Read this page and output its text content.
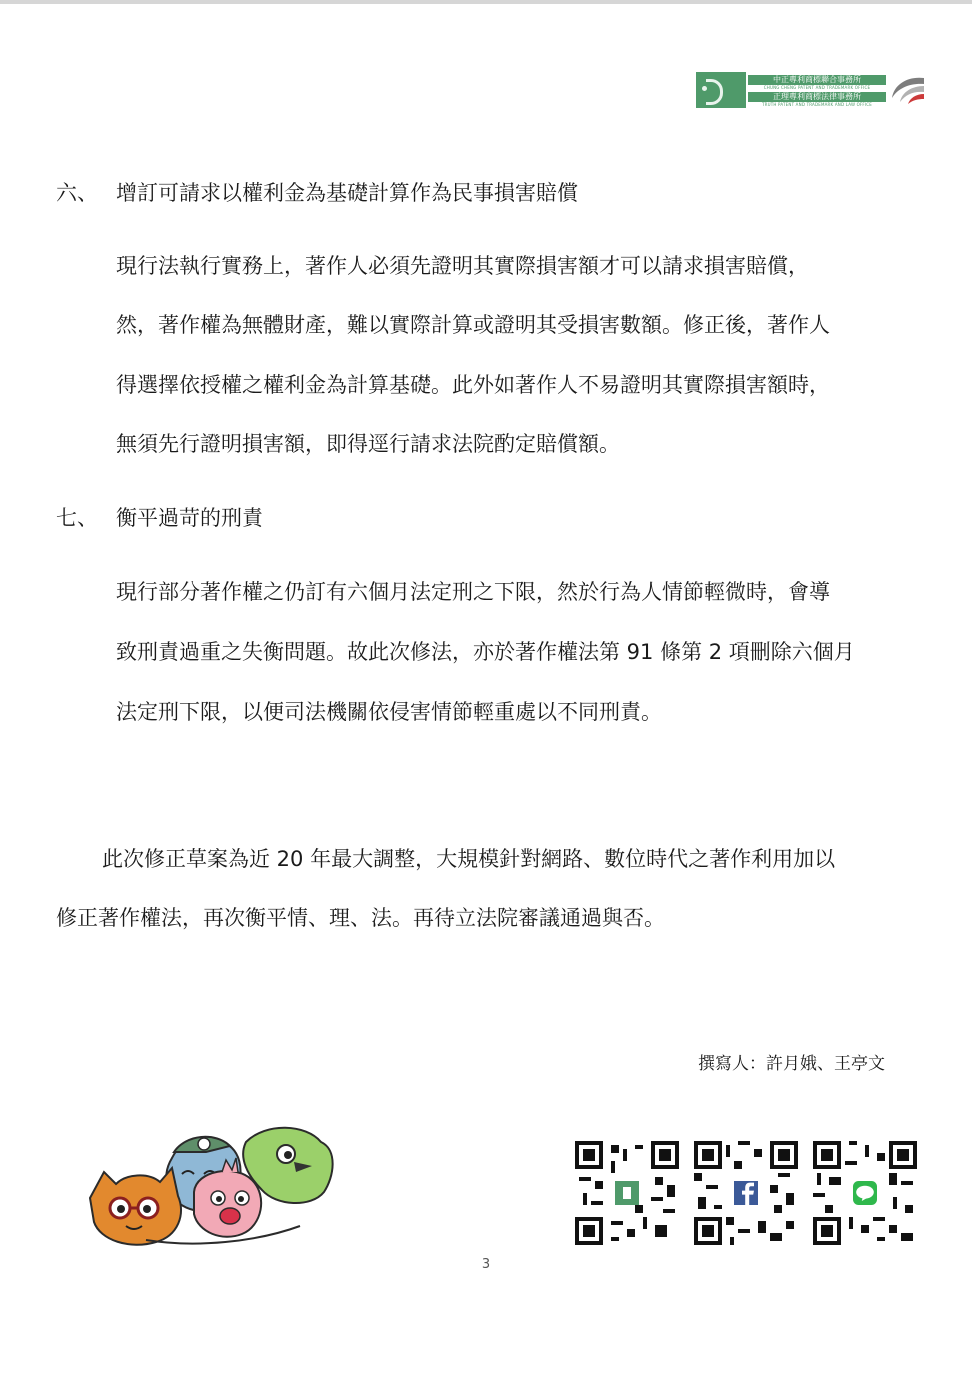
中正專利商標聯合事務所
CHUNG CHENG PATENT AND TRADEMARK OFFICE
正理專利商標法律事務所
TRUTH PATENT AND TRADEMARK AND LAW OFFICE
六、 增訂可請求以權利金為基礎計算作為民事損害賠償
現行法執行實務上，著作人必須先證明其實際損害額才可以請求損害賠償，
然，著作權為無體財產，難以實際計算或證明其受損害數額。修正後，著作人
得選擇依授權之權利金為計算基礎。此外如著作人不易證明其實際損害額時，
無須先行證明損害額，即得逕行請求法院酌定賠償額。
七、 衡平過苛的刑責
現行部分著作權之仍訂有六個月法定刑之下限，然於行為人情節輕微時，會導
致刑責過重之失衡問題。故此次修法，亦於著作權法第 91 條第 2 項刪除六個月
法定刑下限，以便司法機關依侵害情節輕重處以不同刑責。
此次修正草案為近 20 年最大調整，大規模針對網路、數位時代之著作利用加以
修正著作權法，再次衡平情、理、法。再待立法院審議通過與否。
撰寫人：許月娥、王亭文
3
